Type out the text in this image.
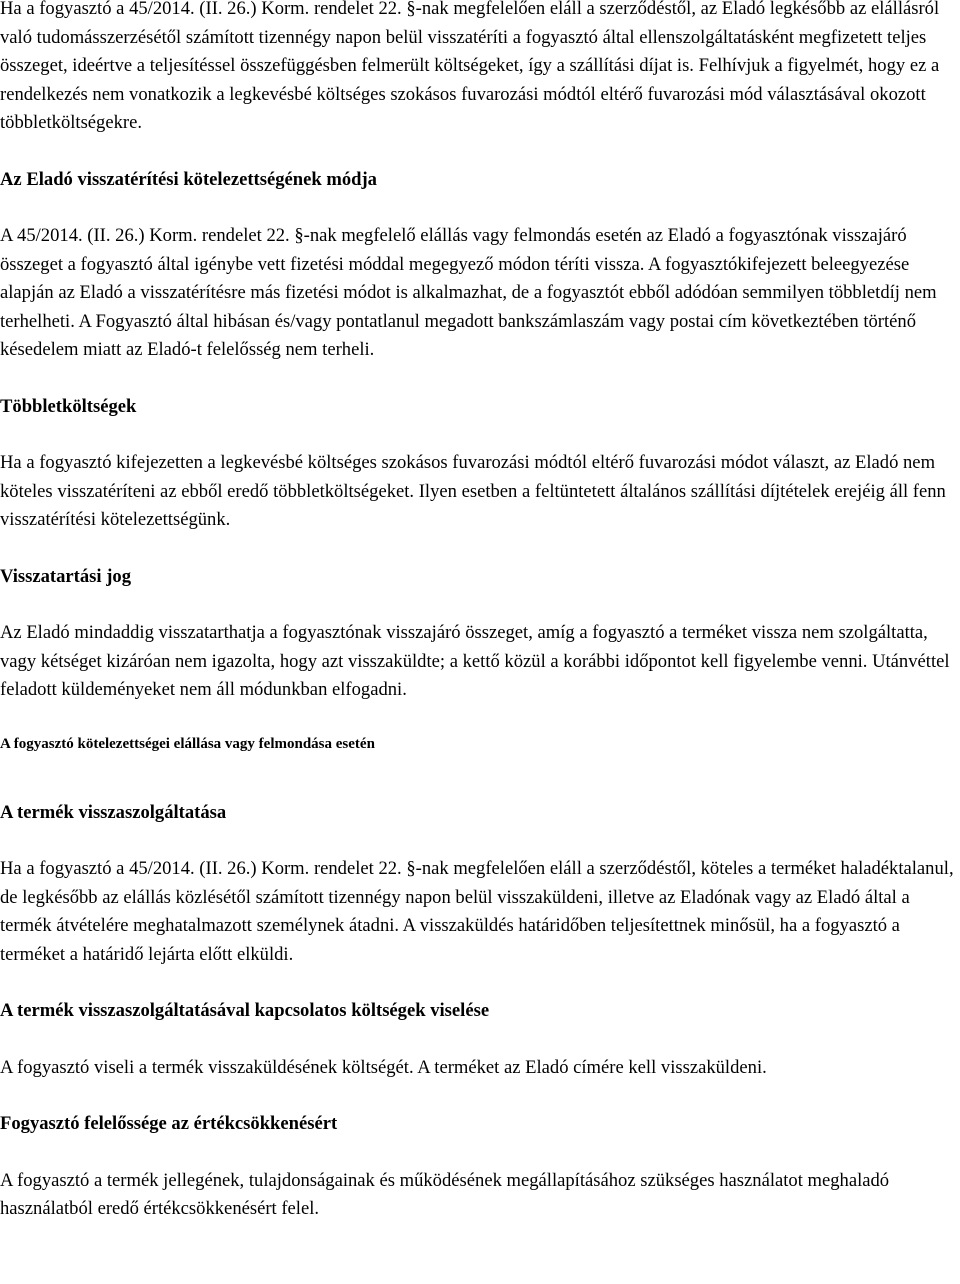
Ha a fogyasztó a 45/2014. (II. 26.) Korm. rendelet 22. §-nak megfelelően eláll a szerződéstől, az Eladó legkésőbb az elállásról való tudomásszerzésétől számított tizennégy napon belül visszatéríti a fogyasztó által ellenszolgáltatásként megfizetett teljes összeget, ideértve a teljesítéssel összefüggésben felmerült költségeket, így a szállítási díjat is. Felhívjuk a figyelmét, hogy ez a rendelkezés nem vonatkozik a legkevésbé költséges szokásos fuvarozási módtól eltérő fuvarozási mód választásával okozott többletköltségekre.

Az Eladó visszatérítési kötelezettségének módja

A 45/2014. (II. 26.) Korm. rendelet 22. §-nak megfelelő elállás vagy felmondás esetén az Eladó a fogyasztónak visszajáró összeget a fogyasztó által igénybe vett fizetési móddal megegyező módon téríti vissza. A fogyasztókifejezett beleegyezése alapján az Eladó a visszatérítésre más fizetési módot is alkalmazhat, de a fogyasztót ebből adódóan semmilyen többletdíj nem terhelheti. A Fogyasztó által hibásan és/vagy pontatlanul megadott bankszámlaszám vagy postai cím következtében történő késedelem miatt az Eladó-t felelősség nem terheli.

Többletköltségek

Ha a fogyasztó kifejezetten a legkevésbé költséges szokásos fuvarozási módtól eltérő fuvarozási módot választ, az Eladó nem köteles visszatéríteni az ebből eredő többletköltségeket. Ilyen esetben a feltüntetett általános szállítási díjtételek erejéig áll fenn visszatérítési kötelezettségünk.

Visszatartási jog

Az Eladó mindaddig visszatarthatja a fogyasztónak visszajáró összeget, amíg a fogyasztó a terméket vissza nem szolgáltatta, vagy kétséget kizáróan nem igazolta, hogy azt visszaküldte; a kettő közül a korábbi időpontot kell figyelembe venni. Utánvéttel feladott küldeményeket nem áll módunkban elfogadni.

A fogyasztó kötelezettségei elállása vagy felmondása esetén
A termék visszaszolgáltatása

Ha a fogyasztó a 45/2014. (II. 26.) Korm. rendelet 22. §-nak megfelelően eláll a szerződéstől, köteles a terméket haladéktalanul, de legkésőbb az elállás közlésétől számított tizennégy napon belül visszaküldeni, illetve az Eladónak vagy az Eladó által a termék átvételére meghatalmazott személynek átadni. A visszaküldés határidőben teljesítettnek minősül, ha a fogyasztó a terméket a határidő lejárta előtt elküldi.

A termék visszaszolgáltatásával kapcsolatos költségek viselése

A fogyasztó viseli a termék visszaküldésének költségét. A terméket az Eladó címére kell visszaküldeni.

Fogyasztó felelőssége az értékcsökkenésért

A fogyasztó a termék jellegének, tulajdonságainak és működésének megállapításához szükséges használatot meghaladó használatból eredő értékcsökkenésért felel.
